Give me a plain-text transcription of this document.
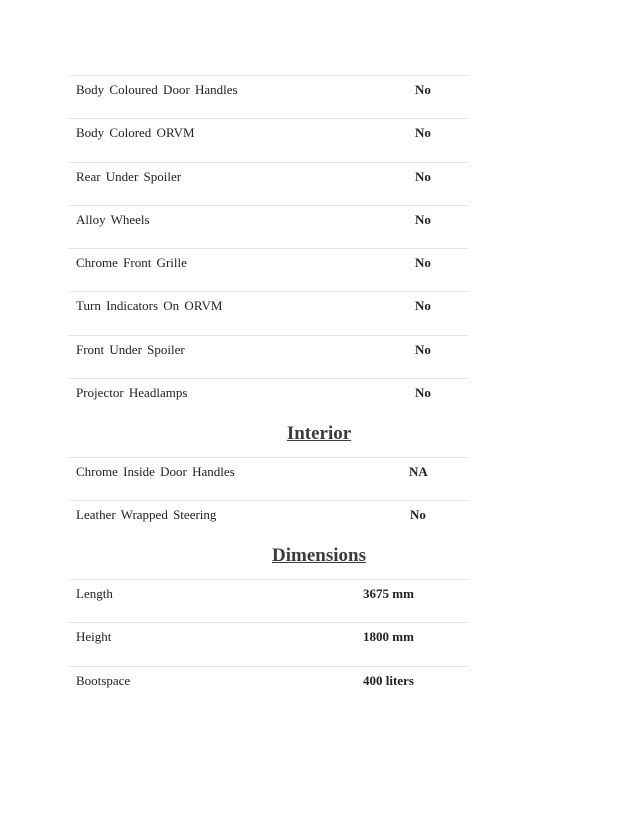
Body Coloured Door Handles	No
Body Colored ORVM	No
Rear Under Spoiler	No
Alloy Wheels	No
Chrome Front Grille	No
Turn Indicators On ORVM	No
Front Under Spoiler	No
Projector Headlamps	No
Interior
Chrome Inside Door Handles	NA
Leather Wrapped Steering	No
Dimensions
Length	3675 mm
Height	1800 mm
Bootspace	400 liters
